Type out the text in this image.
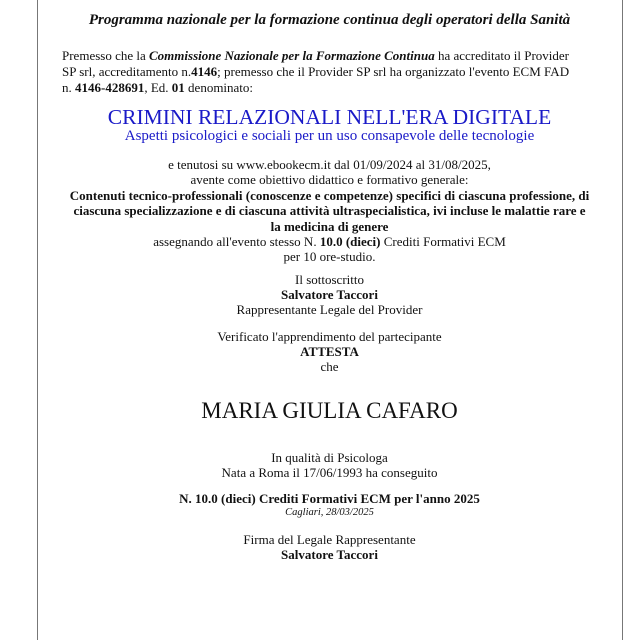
Programma nazionale per la formazione continua degli operatori della Sanità
Premesso che la Commissione Nazionale per la Formazione Continua ha accreditato il Provider
SP srl, accreditamento n.4146; premesso che il Provider SP srl ha organizzato l'evento ECM FAD
n. 4146-428691, Ed. 01 denominato:
CRIMINI RELAZIONALI NELL'ERA DIGITALE
Aspetti psicologici e sociali per un uso consapevole delle tecnologie
e tenutosi su www.ebookecm.it dal 01/09/2024 al 31/08/2025,
avente come obiettivo didattico e formativo generale:
Contenuti tecnico-professionali (conoscenze e competenze) specifici di ciascuna professione, di
ciascuna specializzazione e di ciascuna attività ultraspecialistica, ivi incluse le malattie rare e
la medicina di genere
assegnando all'evento stesso N. 10.0 (dieci) Crediti Formativi ECM
per 10 ore-studio.
Il sottoscritto
Salvatore Taccori
Rappresentante Legale del Provider
Verificato l'apprendimento del partecipante
ATTESTA
che
MARIA GIULIA CAFARO
In qualità di Psicologa
Nata a Roma il 17/06/1993 ha conseguito
N. 10.0 (dieci) Crediti Formativi ECM per l'anno 2025
Cagliari, 28/03/2025
Firma del Legale Rappresentante
Salvatore Taccori
